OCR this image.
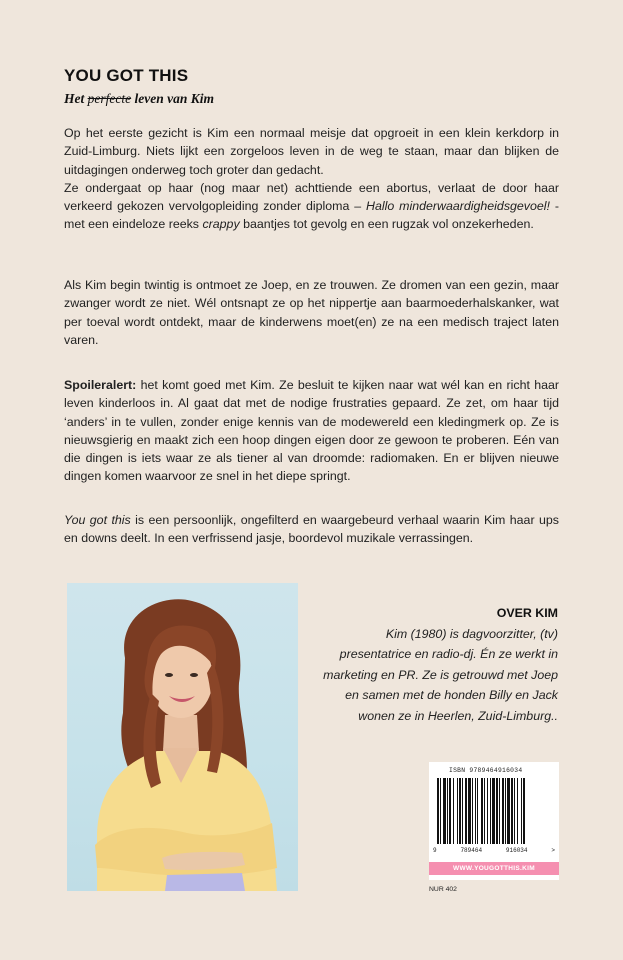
YOU GOT THIS
Het perfecte leven van Kim

Op het eerste gezicht is Kim een normaal meisje dat opgroeit in een klein kerkdorp in Zuid-Limburg. Niets lijkt een zorgeloos leven in de weg te staan, maar dan blijken de uitdagingen onderweg toch groter dan gedacht.

Ze ondergaat op haar (nog maar net) achttiende een abortus, verlaat de door haar verkeerd gekozen vervolgopleiding zonder diploma – Hallo minderwaardigheidsgevoel! - met een eindeloze reeks crappy baantjes tot gevolg en een rugzak vol onzekerheden.

Als Kim begin twintig is ontmoet ze Joep, en ze trouwen. Ze dromen van een gezin, maar zwanger wordt ze niet. Wél ontsnapt ze op het nippertje aan baarmoederhalskanker, wat per toeval wordt ontdekt, maar de kinderwens moet(en) ze na een medisch traject laten varen.

Spoileralert: het komt goed met Kim. Ze besluit te kijken naar wat wél kan en richt haar leven kinderloos in. Al gaat dat met de nodige frustraties gepaard. Ze zet, om haar tijd ‘anders’ in te vullen, zonder enige kennis van de modewereld een kledingmerk op. Ze is nieuwsgierig en maakt zich een hoop dingen eigen door ze gewoon te proberen. Eén van die dingen is iets waar ze als tiener al van droomde: radiomaken. En er blijven nieuwe dingen komen waarvoor ze snel in het diepe springt.

You got this is een persoonlijk, ongefilterd en waargebeurd verhaal waarin Kim haar ups en downs deelt. In een verfrissend jasje, boordevol muzikale verrassingen.

OVER KIM

Kim (1980) is dagvoorzitter, (tv) presentatrice en radio-dj. Én ze werkt in marketing en PR. Ze is getrouwd met Joep en samen met de honden Billy en Jack wonen ze in Heerlen, Zuid-Limburg..

ISBN 9789464916034
9	789464	916034	>
WWW.YOUGOTTHIS.KIM
NUR 402
